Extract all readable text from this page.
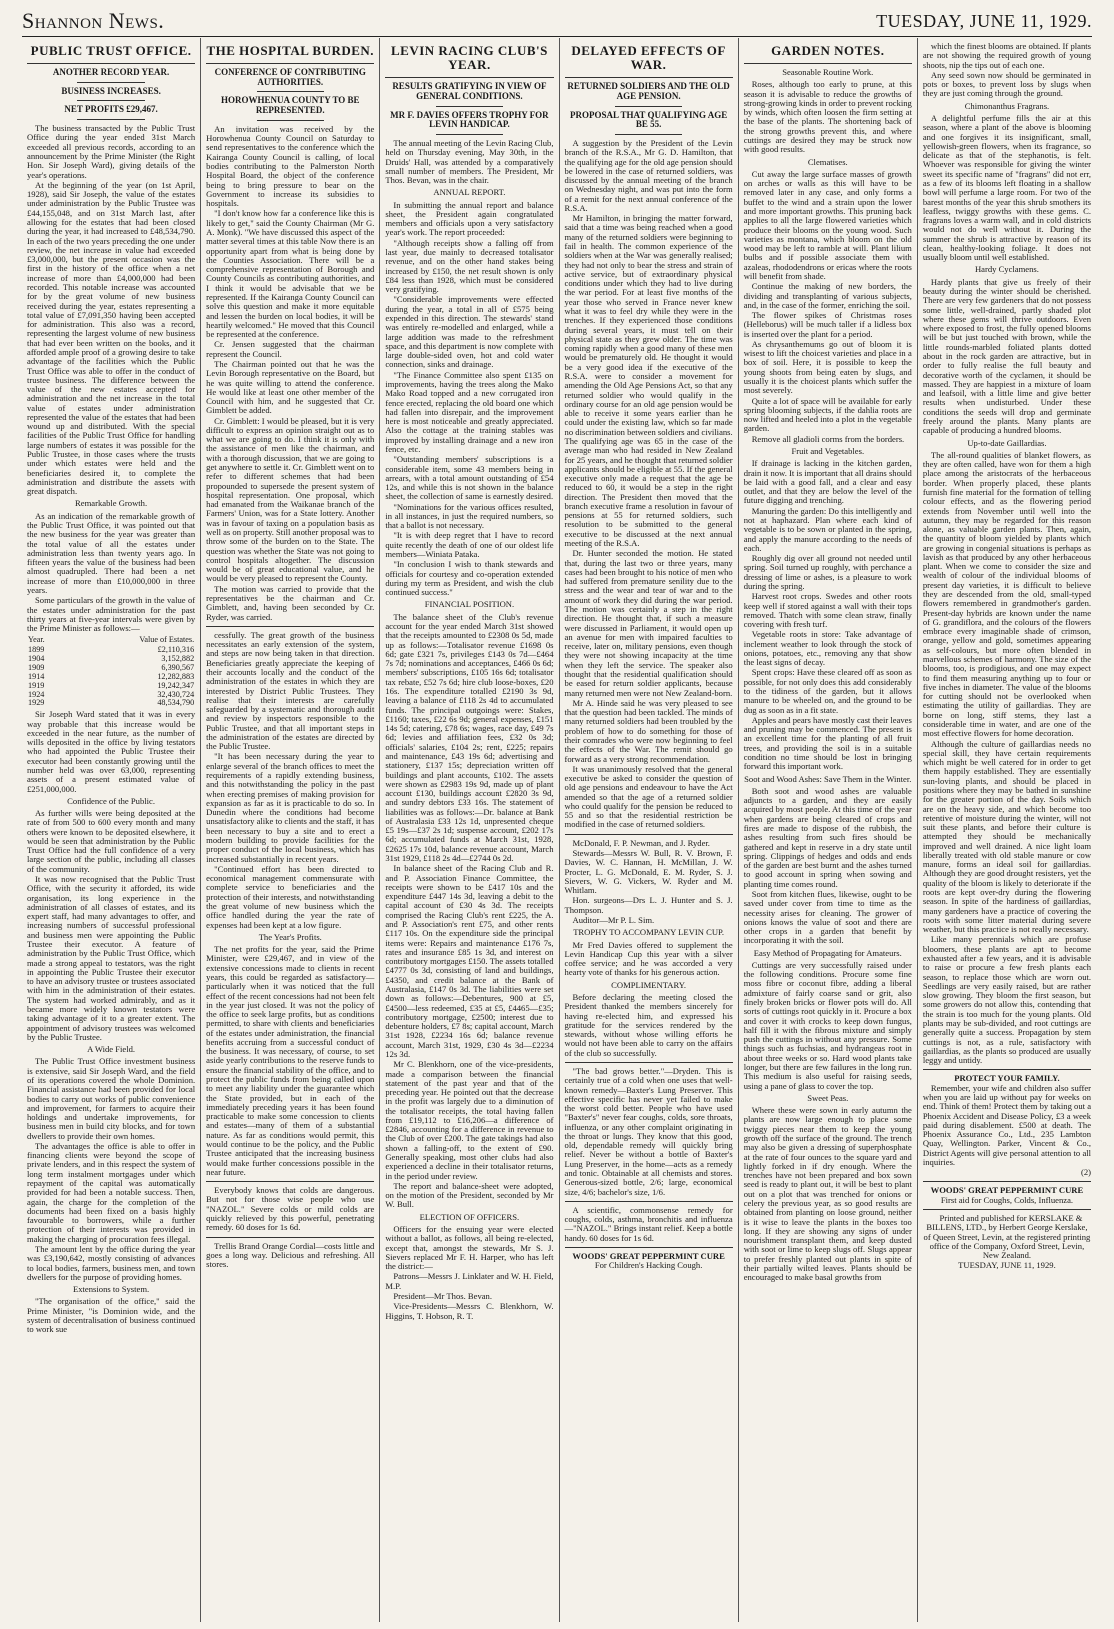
Shannon News.	TUESDAY, JUNE 11, 1929.
PUBLIC TRUST OFFICE.
ANOTHER RECORD YEAR.
BUSINESS INCREASES.
NET PROFITS £29,467.

The business transacted by the Public Trust Office during the year ended 31st March exceeded all previous records, according to an announcement by the Prime Minister (the Right Hon. Sir Joseph Ward), giving details of the year's operations.

At the beginning of the year (on 1st April, 1928), said Sir Joseph, the value of the estates under administration by the Public Trustee was £44,155,048, and on 31st March last, after allowing for the estates that had been closed during the year, it had increased to £48,534,790. In each of the two years preceding the one under review, the net increase in value had exceeded £3,000,000, but the present occasion was the first in the history of the office when a net increase of more than £4,000,000 had been recorded. This notable increase was accounted for by the great volume of new business received during the year, estates representing a total value of £7,091,350 having been accepted for administration. This also was a record, representing the largest volume of new business that had ever been written on the books, and it afforded ample proof of a growing desire to take advantage of the facilities which the Public Trust Office was able to offer in the conduct of trustee business. The difference between the value of the new estates accepted for administration and the net increase in the total value of estates under administration represented the value of the estates that had been wound up and distributed. With the special facilities of the Public Trust Office for handling large numbers of estates it was possible for the Public Trustee, in those cases where the trusts under which estates were held and the beneficiaries desired it, to complete the administration and distribute the assets with great dispatch.

Remarkable Growth.

As an indication of the remarkable growth of the Public Trust Office, it was pointed out that the new business for the year was greater than the total value of all the estates under administration less than twenty years ago. In fifteen years the value of the business had been almost quadrupled. There had been a net increase of more than £10,000,000 in three years.

Some particulars of the growth in the value of the estates under administration for the past thirty years at five-year intervals were given by the Prime Minister as follows:—

Year.	Value of Estates.
1899	£2,110,316
1904	3,152,882
1909	6,390,567
1914	12,282,883
1919	19,242,347
1924	32,430,724
1929	48,534,790

Sir Joseph Ward stated that it was in every way probable that this increase would be exceeded in the near future, as the number of wills deposited in the office by living testators who had appointed the Public Trustee their executor had been constantly growing until the number held was over 63,000, representing assets of a present estimated value of £251,000,000.

Confidence of the Public.

As further wills were being deposited at the rate of from 500 to 600 every month and many others were known to be deposited elsewhere, it would be seen that administration by the Public Trust Office had the full confidence of a very large section of the public, including all classes of the community.

It was now recognised that the Public Trust Office, with the security it afforded, its wide organisation, its long experience in the administration of all classes of estates, and its expert staff, had many advantages to offer, and increasing numbers of successful professional and business men were appointing the Public Trustee their executor. A feature of administration by the Public Trust Office, which made a strong appeal to testators, was the right in appointing the Public Trustee their executor to have an advisory trustee or trustees associated with him in the administration of their estates. The system had worked admirably, and as it became more widely known testators were taking advantage of it to a greater extent. The appointment of advisory trustees was welcomed by the Public Trustee.

A Wide Field.

The Public Trust Office investment business is extensive, said Sir Joseph Ward, and the field of its operations covered the whole Dominion. Financial assistance had been provided for local bodies to carry out works of public convenience and improvement, for farmers to acquire their holdings and undertake improvements, for business men in build city blocks, and for town dwellers to provide their own homes.

The advantages the office is able to offer in financing clients were beyond the scope of private lenders, and in this respect the system of long term instalment mortgages under which repayment of the capital was automatically provided for had been a notable success. Then, again, the charge for the completion of the documents had been fixed on a basis highly favourable to borrowers, while a further protection of their interests was provided in making the charging of procuration fees illegal.

The amount lent by the office during the year was £3,190,642, mostly consisting of advances to local bodies, farmers, business men, and town dwellers for the purpose of providing homes.

Extensions to System.

"The organisation of the office," said the Prime Minister, "is Dominion wide, and the system of decentralisation of business continued to work sue

THE HOSPITAL BURDEN.
CONFERENCE OF CONTRIBUTING AUTHORITIES.
HOROWHENUA COUNTY TO BE REPRESENTED.

An invitation was received by the Horowhenua County Council on Saturday to send representatives to the conference which the Kairanga County Council is calling, of local bodies contributing to the Palmerston North Hospital Board, the object of the conference being to bring pressure to bear on the Government to increase its subsidies to hospitals.

"I don't know how far a conference like this is likely to get," said the County Chairman (Mr G. A. Monk). "We have discussed this aspect of the matter several times at this table Now there is an opportunity apart from what is being done by the Counties Association. There will be a comprehensive representation of Borough and County Councils as contributing authorities, and I think it would be advisable that we be represented. If the Kairanga County Council can solve this question and make it more equitable and lessen the burden on local bodies, it will be heartily welcomed." He moved that this Council be represented at the conference.

Cr. Jensen suggested that the chairman represent the Council.

The Chairman pointed out that he was the Levin Borough representative on the Board, but he was quite willing to attend the conference. He would like at least one other member of the Council with him, and he suggested that Cr. Gimblett be added.

Cr. Gimblett: I would be pleased, but it is very difficult to express an opinion straight out as to what we are going to do. I think it is only with the assistance of men like the chairman, and with a thorough discussion, that we are going to get anywhere to settle it. Cr. Gimblett went on to refer to different schemes that had been propounded to supersede the present system of hospital representation. One proposal, which had emanated from the Waikanae branch of the Farmers' Union, was for a State lottery. Another was in favour of taxing on a population basis as well as on property. Still another proposal was to throw some of the burden on to the State. The question was whether the State was not going to control hospitals altogether. The discussion would be of great educational value, and he would be very pleased to represent the County.

The motion was carried to provide that the representatives be the chairman and Cr. Gimblett, and, having been seconded by Cr. Ryder, was carried.

cessfully. The great growth of the business necessitates an early extension of the system, and steps are now being taken in that direction. Beneficiaries greatly appreciate the keeping of their accounts locally and the conduct of the administration of the estates in which they are interested by District Public Trustees. They realise that their interests are carefully safeguarded by a systematic and thorough audit and review by inspectors responsible to the Public Trustee, and that all important steps in the administration of the estates are directed by the Public Trustee.

"It has been necessary during the year to enlarge several of the branch offices to meet the requirements of a rapidly extending business, and this notwithstanding the policy in the past when erecting premises of making provision for expansion as far as it is practicable to do so. In Dunedin where the conditions had become unsatisfactory alike to clients and the staff, it has been necessary to buy a site and to erect a modern building to provide facilities for the proper conduct of the local business, which has increased substantially in recent years.

"Continued effort has been directed to economical management commensurate with complete service to beneficiaries and the protection of their interests, and notwithstanding the great volume of new business which the office handled during the year the rate of expenses had been kept at a low figure.

The Year's Profits.

The net profits for the year, said the Prime Minister, were £29,467, and in view of the extensive concessions made to clients in recent years, this could be regarded as satisfactory—particularly when it was noticed that the full effect of the recent concessions had not been felt in the year just closed. It was not the policy of the office to seek large profits, but as conditions permitted, to share with clients and beneficiaries of the estates under administration, the financial benefits accruing from a successful conduct of the business. It was necessary, of course, to set aside yearly contributions to the reserve funds to ensure the financial stability of the office, and to protect the public funds from being called upon to meet any liability under the guarantee which the State provided, but in each of the immediately preceding years it has been found practicable to make some concession to clients and estates—many of them of a substantial nature. As far as conditions would permit, this would continue to be the policy, and the Public Trustee anticipated that the increasing business would make further concessions possible in the near future.

Everybody knows that colds are dangerous. But not for those wise people who use "NAZOL." Severe colds or mild colds are quickly relieved by this powerful, penetrating remedy. 60 doses for 1s 6d.

Trellis Brand Orange Cordial—costs little and goes a long way. Delicious and refreshing. All stores.

LEVIN RACING CLUB'S YEAR.
RESULTS GRATIFYING IN VIEW OF GENERAL CONDITIONS.
MR F. DAVIES OFFERS TROPHY FOR LEVIN HANDICAP.

The annual meeting of the Levin Racing Club, held on Thursday evening, May 30th, in the Druids' Hall, was attended by a comparatively small number of members. The President, Mr Thos. Bevan, was in the chair.

ANNUAL REPORT.

In submitting the annual report and balance sheet, the President again congratulated members and officials upon a very satisfactory year's work. The report proceeded:

"Although receipts show a falling off from last year, due mainly to decreased totalisator revenue, and on the other hand stakes being increased by £150, the net result shown is only £84 less than 1928, which must be considered very gratifying.

"Considerable improvements were effected during the year, a total in all of £575 being expended in this direction. The stewards' stand was entirely re-modelled and enlarged, while a large addition was made to the refreshment space, and this department is now complete with large double-sided oven, hot and cold water connection, sinks and drainage.

"The Finance Committee also spent £135 on improvements, having the trees along the Mako Mako Road topped and a new corrugated iron fence erected, replacing the old board one which had fallen into disrepair, and the improvement here is most noticeable and greatly appreciated. Also the cottage at the training stables was improved by installing drainage and a new iron fence, etc.

"Outstanding members' subscriptions is a considerable item, some 43 members being in arrears, with a total amount outstanding of £54 12s, and while this is not shown in the balance sheet, the collection of same is earnestly desired.

"Nominations for the various offices resulted, in all instances, in just the required numbers, so that a ballot is not necessary.

"It is with deep regret that I have to record quite recently the death of one of our oldest life members—Winiata Pataka.

"In conclusion I wish to thank stewards and officials for courtesy and co-operation extended during my term as President, and wish the club continued success."

FINANCIAL POSITION.

The balance sheet of the Club's revenue account for the year ended March 31st showed that the receipts amounted to £2308 0s 5d, made up as follows:—Totalisator revenue £1698 0s 6d; gate £321 7s, privileges £143 0s 7d—£464 7s 7d; nominations and acceptances, £466 0s 6d; members' subscriptions, £105 16s 6d; totalisator tax rebate, £52 7s 6d; hire club loose-boxes, £20 16s. The expenditure totalled £2190 3s 9d, leaving a balance of £118 2s 4d to accumulated funds. The principal outgoings were: Stakes, £1160; taxes, £22 6s 9d; general expenses, £151 14s 5d; catering, £78 6s; wages, race day, £49 7s 6d; levies and affiliation fees, £32 0s 3d; officials' salaries, £104 2s; rent, £225; repairs and maintenance, £43 19s 6d; advertising and stationery, £137 15s; depreciation written off buildings and plant accounts, £102. The assets were shown as £2983 19s 9d, made up of plant account £130, buildings account £2820 3s 9d, and sundry debtors £33 16s. The statement of liabilities was as follows:—Dr. balance at Bank of Australasia £33 12s 1d, unpresented cheque £5 19s—£37 2s 1d; suspense account, £202 17s 6d; accumulated funds at March 31st, 1928, £2625 17s 10d, balance revenue account, March 31st 1929, £118 2s 4d—£2744 0s 2d.

In balance sheet of the Racing Club and R. and P. Association Finance Committee, the receipts were shown to be £417 10s and the expenditure £447 14s 3d, leaving a debit to the capital account of £30 4s 3d. The receipts comprised the Racing Club's rent £225, the A. and P. Association's rent £75, and other rents £117 10s. On the expenditure side the principal items were: Repairs and maintenance £176 7s, rates and insurance £85 1s 3d, and interest on contributory mortgages £150. The assets totalled £4777 0s 3d, consisting of land and buildings, £4350, and credit balance at the Bank of Australasia, £147 0s 3d. The liabilities were set down as follows:—Debentures, 900 at £5, £4500—less redeemed, £35 at £5, £4465—£35; contributory mortgage, £2500; interest due to debenture holders, £7 8s; capital account, March 31st 1928, £2234 16s 6d; balance revenue account, March 31st, 1929, £30 4s 3d—£2234 12s 3d.

Mr C. Blenkhorn, one of the vice-presidents, made a comparison between the financial statement of the past year and that of the preceding year. He pointed out that the decrease in the profit was largely due to a diminution of the totalisator receipts, the total having fallen from £19,112 to £16,206—a difference of £2846, accounting for a difference in revenue to the Club of over £200. The gate takings had also shown a falling-off, to the extent of £90. Generally speaking, most other clubs had also experienced a decline in their totalisator returns, in the period under review.

The report and balance-sheet were adopted, on the motion of the President, seconded by Mr W. Bull.

ELECTION OF OFFICERS.

Officers for the ensuing year were elected without a ballot, as follows, all being re-elected, except that, amongst the stewards, Mr S. J. Sievers replaced Mr F. H. Harper, who has left the district:—

Patrons—Messrs J. Linklater and W. H. Field, M.P.

President—Mr Thos. Bevan.

Vice-Presidents—Messrs C. Blenkhorn, W. Higgins, T. Hobson, R. T.

DELAYED EFFECTS OF WAR.
RETURNED SOLDIERS AND THE OLD AGE PENSION.
PROPOSAL THAT QUALIFYING AGE BE 55.

A suggestion by the President of the Levin branch of the R.S.A., Mr G. D. Hamilton, that the qualifying age for the old age pension should be lowered in the case of returned soldiers, was discussed by the annual meeting of the branch on Wednesday night, and was put into the form of a remit for the next annual conference of the R.S.A.

Mr Hamilton, in bringing the matter forward, said that a time was being reached when a good many of the returned soldiers were beginning to fail in health. The common experience of the soldiers when at the War was generally realised; they had not only to bear the stress and strain of active service, but of extraordinary physical conditions under which they had to live during the war period. For at least five months of the year those who served in France never knew what it was to feel dry while they were in the trenches. If they experienced those conditions during several years, it must tell on their physical state as they grew older. The time was coming rapidly when a good many of these men would be prematurely old. He thought it would be a very good idea if the executive of the R.S.A. were to consider a movement for amending the Old Age Pensions Act, so that any returned soldier who would qualify in the ordinary course for an old age pension would be able to receive it some years earlier than he could under the existing law, which so far made no discrimination between soldiers and civilians. The qualifying age was 65 in the case of the average man who had resided in New Zealand for 25 years, and he thought that returned soldier applicants should be eligible at 55. If the general executive only made a request that the age be reduced to 60, it would be a step in the right direction. The President then moved that the branch executive frame a resolution in favour of pensions at 55 for returned soldiers, such resolution to be submitted to the general executive to be discussed at the next annual meeting of the R.S.A.

Dr. Hunter seconded the motion. He stated that, during the last two or three years, many cases had been brought to his notice of men who had suffered from premature senility due to the stress and the wear and tear of war and to the amount of work they did during the war period. The motion was certainly a step in the right direction. He thought that, if such a measure were discussed in Parliament, it would open up an avenue for men with impaired faculties to receive, later on, military pensions, even though they were not showing incapacity at the time when they left the service. The speaker also thought that the residential qualification should be eased for return soldier applicants, because many returned men were not New Zealand-born.

Mr A. Hinde said he was very pleased to see that the question had been tackled. The minds of many returned soldiers had been troubled by the problem of how to do something for those of their comrades who were now beginning to feel the effects of the War. The remit should go forward as a very strong recommendation.

It was unanimously resolved that the general executive be asked to consider the question of old age pensions and endeavour to have the Act amended so that the age of a returned soldier who could qualify for the pension be reduced to 55 and so that the residential restriction be modified in the case of returned soldiers.

McDonald, F. P. Newman, and J. Ryder.

Stewards—Messrs W. Bull, R. V. Brown, F. Davies, W. C. Hannan, H. McMillan, J. W. Procter, L. G. McDonald, E. M. Ryder, S. J. Sievers, W. G. Vickers, W. Ryder and M. Whitlam.

Hon. surgeons—Drs L. J. Hunter and S. J. Thompson.

Auditor—Mr P. L. Sim.

TROPHY TO ACCOMPANY LEVIN CUP.

Mr Fred Davies offered to supplement the Levin Handicap Cup this year with a silver coffee service; and he was accorded a very hearty vote of thanks for his generous action.

COMPLIMENTARY.

Before declaring the meeting closed the President thanked the members sincerely for having re-elected him, and expressed his gratitude for the services rendered by the stewards, without whose willing efforts he would not have been able to carry on the affairs of the club so successfully.

"The bad grows better."—Dryden. This is certainly true of a cold when one uses that well-known remedy—Baxter's Lung Preserver. This effective specific has never yet failed to make the worst cold better. People who have used "Baxter's" never fear coughs, colds, sore throats, influenza, or any other complaint originating in the throat or lungs. They know that this good, old, dependable remedy will quickly bring relief. Never be without a bottle of Baxter's Lung Preserver, in the home—acts as a remedy and tonic. Obtainable at all chemists and stores. Generous-sized bottle, 2/6; large, economical size, 4/6; bachelor's size, 1/6.

A scientific, commonsense remedy for coughs, colds, asthma, bronchitis and influenza—"NAZOL." Brings instant relief. Keep a bottle handy. 60 doses for 1s 6d.

WOODS' GREAT PEPPERMINT CURE
For Children's Hacking Cough.
GARDEN NOTES.
Seasonable Routine Work.

Roses, although too early to prune, at this season it is advisable to reduce the growths of strong-growing kinds in order to prevent rocking by winds, which often loosen the firm setting at the base of the plants. The shortening back of the strong growths prevent this, and where cuttings are desired they may be struck now with good results.

Clematises.

Cut away the large surface masses of growth on arches or walls as this will have to be removed later in any case, and only forms a buffet to the wind and a strain upon the lower and more important growths. This pruning back applies to all the large flowered varieties which produce their blooms on the young wood. Such varieties as montana, which bloom on the old wood may be left to ramble at will. Plant lilium bulbs and if possible associate them with azaleas, rhododendrons or ericas where the roots will benefit from shade.

Continue the making of new borders, the dividing and transplanting of various subjects, and, in the case of the former, enriching the soil.

The flower spikes of Christmas roses (Helleborus) will be much taller if a lidless box is inserted over the plant for a period.

As chrysanthemums go out of bloom it is wisest to lift the choicest varieties and place in a box of soil. Here, it is possible to keep the young shoots from being eaten by slugs, and usually it is the choicest plants which suffer the most severely.

Quite a lot of space will be available for early spring blooming subjects, if the dahlia roots are now lifted and heeled into a plot in the vegetable garden.

Remove all gladioli corms from the borders.

Fruit and Vegetables.

If drainage is lacking in the kitchen garden, drain it now. It is important that all drains should be laid with a good fall, and a clear and easy outlet, and that they are below the level of the future digging and trenching.

Manuring the garden: Do this intelligently and not at haphazard. Plan where each kind of vegetable is to be sown or planted in the spring, and apply the manure according to the needs of each.

Roughly dig over all ground not needed until spring. Soil turned up roughly, with perchance a dressing of lime or ashes, is a pleasure to work during the spring.

Harvest root crops. Swedes and other roots keep well if stored against a wall with their tops removed. Thatch with some clean straw, finally covering with fresh turf.

Vegetable roots in store: Take advantage of inclement weather to look through the stock of onions, potatoes, etc., removing any that show the least signs of decay.

Spent crops: Have these cleared off as soon as possible, for not only does this add considerably to the tidiness of the garden, but it allows manure to be wheeled on, and the ground to be dug as soon as in a fit state.

Apples and pears have mostly cast their leaves and pruning may be commenced. The present is an excellent time for the planting of all fruit trees, and providing the soil is in a suitable condition no time should be lost in bringing forward this important work.

Soot and Wood Ashes: Save Them in the Winter.

Both soot and wood ashes are valuable adjuncts to a garden, and they are easily acquired by most people. At this time of the year when gardens are being cleared of crops and fires are made to dispose of the rubbish, the ashes resulting from such fires should be gathered and kept in reserve in a dry state until spring. Clippings of hedges and odds and ends of the garden are best burnt and the ashes turned to good account in spring when sowing and planting time comes round.

Soot from kitchen flues, likewise, ought to be saved under cover from time to time as the necessity arises for cleaning. The grower of onions knows the value of soot and there are other crops in a garden that benefit by incorporating it with the soil.

Easy Method of Propagating for Amateurs.

Cuttings are very successfully raised under the following conditions. Procure some fine moss fibre or coconut fibre, adding a liberal admixture of fairly coarse sand or grit, also finely broken bricks or flower pots will do. All sorts of cuttings root quickly in it. Procure a box and cover it with crocks to keep down fungus, half fill it with the fibrous mixture and simply push the cuttings in without any pressure. Some things such as fuchsias, and hydrangeas root in about three weeks or so. Hard wood plants take longer, but there are few failures in the long run. This medium is also useful for raising seeds, using a pane of glass to cover the top.

Sweet Peas.

Where these were sown in early autumn the plants are now large enough to place some twiggy pieces near them to keep the young growth off the surface of the ground. The trench may also be given a dressing of superphosphate at the rate of four ounces to the square yard and lightly forked in if dry enough. Where the trenches have not been prepared and box sown seed is ready to plant out, it will be best to plant out on a plot that was trenched for onions or celery the previous year, as so good results are obtained from planting on loose ground, neither is it wise to leave the plants in the boxes too long. If they are showing any signs of under nourishment transplant them, and keep dusted with soot or lime to keep slugs off. Slugs appear to prefer freshly planted out plants in spite of their partially wilted leaves. Plants should be encouraged to make basal growths from

which the finest blooms are obtained. If plants are not showing the required growth of young shoots, nip the tips out of each one.

Any seed sown now should be germinated in pots or boxes, to prevent loss by slugs when they are just coming through the ground.

Chimonanthus Fragrans.

A delightful perfume fills the air at this season, where a plant of the above is blooming and one forgives it its insignificant, small, yellowish-green flowers, when its fragrance, so delicate as that of the stephanotis, is felt. Whoever was responsible for giving the winter sweet its specific name of "fragrans" did not err, as a few of its blooms left floating in a shallow bowl will perfume a large room. For two of the barest months of the year this shrub smothers its leafless, twiggy growths with these gems. C. fragrans loves a warm wall, and in cold districts would not do well without it. During the summer the shrub is attractive by reason of its clean, healthy-looking foliage. It does not usually bloom until well established.

Hardy Cyclamens.

Hardy plants that give us freely of their beauty during the winter should be cherished. There are very few gardeners that do not possess some little, well-drained, partly shaded plot where these gems will thrive outdoors. Even where exposed to frost, the fully opened blooms will be but just touched with brown, while the little rounds-marbled foliated plants dotted about in the rock garden are attractive, but in order to fully realise the full beauty and decorative worth of the cyclamen, it should be massed. They are happiest in a mixture of loam and leafsoil, with a little lime and give better results when undisturbed. Under these conditions the seeds will drop and germinate freely around the plants. Many plants are capable of producing a hundred blooms.

Up-to-date Gaillardias.

The all-round qualities of blanket flowers, as they are often called, have won for them a high place among the aristocrats of the herbaceous border. When properly placed, these plants furnish fine material for the formation of telling colour effects, and as the flowering period extends from November until well into the autumn, they may be regarded for this reason alone, as valuable garden plants. Then, again, the quantity of bloom yielded by plants which are growing in congenial situations is perhaps as lavish as that produced by any other herbaceous plant. When we come to consider the size and wealth of colour of the individual blooms of present day varieties, it is difficult to believe they are descended from the old, small-typed flowers remembered in grandmother's garden. Present-day hybrids are known under the name of G. grandiflora, and the colours of the flowers embrace every imaginable shade of crimson, orange, yellow and gold, sometimes appearing as self-colours, but more often blended in marvellous schemes of harmony. The size of the blooms, too, is prodigious, and one may expect to find them measuring anything up to four or five inches in diameter. The value of the blooms for cutting should not be overlooked when estimating the utility of gaillardias. They are borne on long, stiff stems, they last a considerable time in water, and are one of the most effective flowers for home decoration.

Although the culture of gaillardias needs no special skill, they have certain requirements which might be well catered for in order to get them happily established. They are essentially sun-loving plants, and should be placed in positions where they may be bathed in sunshine for the greater portion of the day. Soils which are on the heavy side, and which become too retentive of moisture during the winter, will not suit these plants, and before their culture is attempted they should be mechanically improved and well drained. A nice light loam liberally treated with old stable manure or cow manure, forms an ideal soil for gaillardias. Although they are good drought resisters, yet the quality of the bloom is likely to deteriorate if the roots are kept over-dry during the flowering season. In spite of the hardiness of gaillardias, many gardeners have a practice of covering the roots with some litter material during severe weather, but this practice is not really necessary.

Like many perennials which are profuse bloomers, these plants are apt to become exhausted after a few years, and it is advisable to raise or procure a few fresh plants each season, to replace those which are worn out. Seedlings are very easily raised, but are rather slow growing. They bloom the first season, but some growers do not allow this, contending that the strain is too much for the young plants. Old plants may be sub-divided, and root cuttings are generally quite a success. Propagation by stem cuttings is not, as a rule, satisfactory with gaillardias, as the plants so produced are usually leggy and untidy.

PROTECT YOUR FAMILY.

Remember, your wife and children also suffer when you are laid up without pay for weeks on end. Think of them! Protect them by taking out a Phoenix Accident and Disease Policy, £3 a week paid during disablement. £500 at death. The Phoenix Assurance Co., Ltd., 235 Lambton Quay, Wellington. Parker, Vincent & Co., District Agents will give personal attention to all inquiries.

(2)
WOODS' GREAT PEPPERMINT CURE
First aid for Coughs, Colds, Influenza.

Printed and published for KERSLAKE & BILLENS, LTD., by Herbert George Kerslake, of Queen Street, Levin, at the registered printing office of the Company, Oxford Street, Levin, New Zealand.

TUESDAY, JUNE 11, 1929.
